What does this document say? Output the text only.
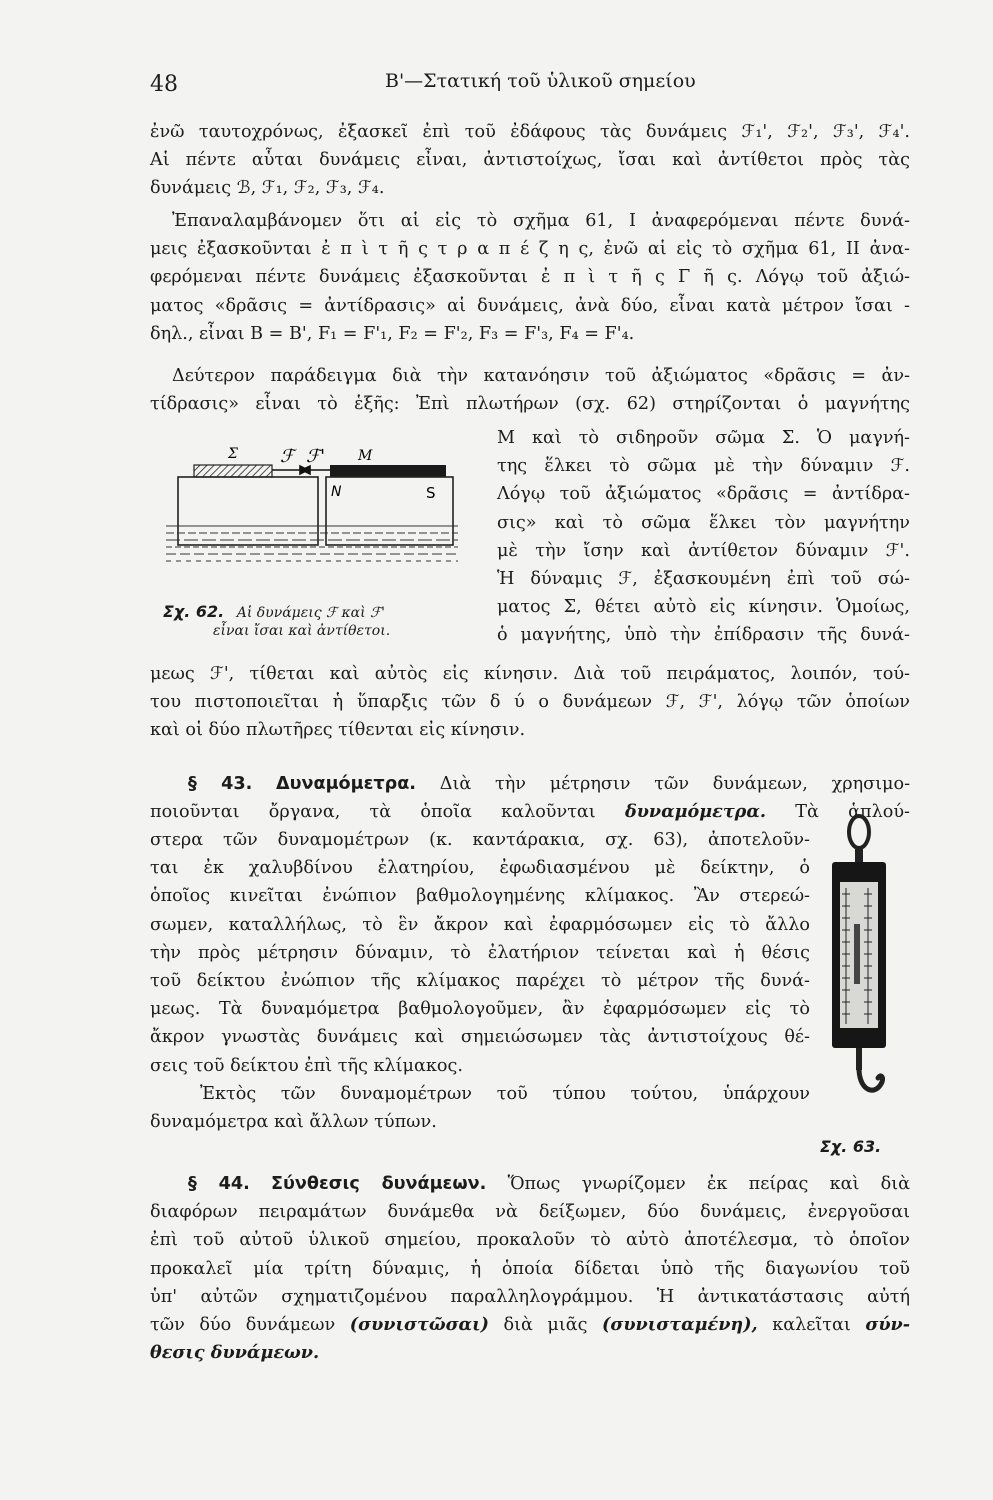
48	Β'—Στατική τοῦ ὑλικοῦ σημείου
ἐνῶ ταυτοχρόνως, ἐξασκεῖ ἐπὶ τοῦ ἐδάφους τὰς δυνάμεις ℱ₁', ℱ₂', ℱ₃', ℱ₄'.
Αἱ πέντε αὗται δυνάμεις εἶναι, ἀντιστοίχως, ἴσαι καὶ ἀντίθετοι πρὸς τὰς
δυνάμεις ℬ, ℱ₁, ℱ₂, ℱ₃, ℱ₄.
Ἐπαναλαμβάνομεν ὅτι αἱ εἰς τὸ σχῆμα 61, Ι ἀναφερόμεναι πέντε δυνά-
μεις ἐξασκοῦνται ἐ π ὶ τ ῆ ς τ ρ α π έ ζ η ς, ἐνῶ αἱ εἰς τὸ σχῆμα 61, ΙΙ ἀνα-
φερόμεναι πέντε δυνάμεις ἐξασκοῦνται ἐ π ὶ τ ῆ ς Γ ῆ ς. Λόγῳ τοῦ ἀξιώ-
ματος «δρᾶσις = ἀντίδρασις» αἱ δυνάμεις, ἀνὰ δύο, εἶναι κατὰ μέτρον ἴσαι -
δηλ., εἶναι B = B', F₁ = F'₁, F₂ = F'₂, F₃ = F'₃, F₄ = F'₄.
Δεύτερον παράδειγμα διὰ τὴν κατανόησιν τοῦ ἀξιώματος «δρᾶσις = ἀν-
τίδρασις» εἶναι τὸ ἑξῆς: Ἐπὶ πλωτήρων (σχ. 62) στηρίζονται ὁ μαγνήτης
Μ καὶ τὸ σιδηροῦν σῶμα Σ. Ὁ μαγνή-
της ἕλκει τὸ σῶμα μὲ τὴν δύναμιν ℱ.
Λόγῳ τοῦ ἀξιώματος «δρᾶσις = ἀντίδρα-
σις» καὶ τὸ σῶμα ἕλκει τὸν μαγνήτην
μὲ τὴν ἴσην καὶ ἀντίθετον δύναμιν ℱ'.
Ἡ δύναμις ℱ, ἐξασκουμένη ἐπὶ τοῦ σώ-
ματος Σ, θέτει αὐτὸ εἰς κίνησιν. Ὁμοίως,
ὁ μαγνήτης, ὑπὸ τὴν ἐπίδρασιν τῆς δυνά-
Σ ℱ ℱ' Μ
Ν	S
Σχ. 62. Αἱ δυνάμεις ℱ καὶ ℱ'
εἶναι ἴσαι καὶ ἀντίθετοι.
μεως ℱ', τίθεται καὶ αὐτὸς εἰς κίνησιν. Διὰ τοῦ πειράματος, λοιπόν, τού-
του πιστοποιεῖται ἡ ὕπαρξις τῶν δ ύ ο δυνάμεων ℱ, ℱ', λόγῳ τῶν ὁποίων
καὶ οἱ δύο πλωτῆρες τίθενται εἰς κίνησιν.
§ 43. Δυναμόμετρα. Διὰ τὴν μέτρησιν τῶν δυνάμεων, χρησιμο-
ποιοῦνται ὄργανα, τὰ ὁποῖα καλοῦνται δυναμόμετρα. Τὰ ἁπλού-
στερα τῶν δυναμομέτρων (κ. καντάρακια, σχ. 63), ἀποτελοῦν-
ται ἐκ χαλυβδίνου ἐλατηρίου, ἐφωδιασμένου μὲ δείκτην, ὁ
ὁποῖος κινεῖται ἐνώπιον βαθμολογημένης κλίμακος. Ἂν στερεώ-
σωμεν, καταλλήλως, τὸ ἓν ἄκρον καὶ ἐφαρμόσωμεν εἰς τὸ ἄλλο
τὴν πρὸς μέτρησιν δύναμιν, τὸ ἐλατήριον τείνεται καὶ ἡ θέσις
τοῦ δείκτου ἐνώπιον τῆς κλίμακος παρέχει τὸ μέτρον τῆς δυνά-
μεως. Τὰ δυναμόμετρα βαθμολογοῦμεν, ἂν ἐφαρμόσωμεν εἰς τὸ
ἄκρον γνωστὰς δυνάμεις καὶ σημειώσωμεν τὰς ἀντιστοίχους θέ-
σεις τοῦ δείκτου ἐπὶ τῆς κλίμακος.
Ἐκτὸς τῶν δυναμομέτρων τοῦ τύπου τούτου, ὑπάρχουν
δυναμόμετρα καὶ ἄλλων τύπων.
Σχ. 63.
§ 44. Σύνθεσις δυνάμεων. Ὅπως γνωρίζομεν ἐκ πείρας καὶ διὰ
διαφόρων πειραμάτων δυνάμεθα νὰ δείξωμεν, δύο δυνάμεις, ἐνεργοῦσαι
ἐπὶ τοῦ αὐτοῦ ὑλικοῦ σημείου, προκαλοῦν τὸ αὐτὸ ἀποτέλεσμα, τὸ ὁποῖον
προκαλεῖ μία τρίτη δύναμις, ἡ ὁποία δίδεται ὑπὸ τῆς διαγωνίου τοῦ
ὑπ' αὐτῶν σχηματιζομένου παραλληλογράμμου. Ἡ ἀντικατάστασις αὐτή
τῶν δύο δυνάμεων (συνιστῶσαι) διὰ μιᾶς (συνισταμένη), καλεῖται σύν-
θεσις δυνάμεων.
